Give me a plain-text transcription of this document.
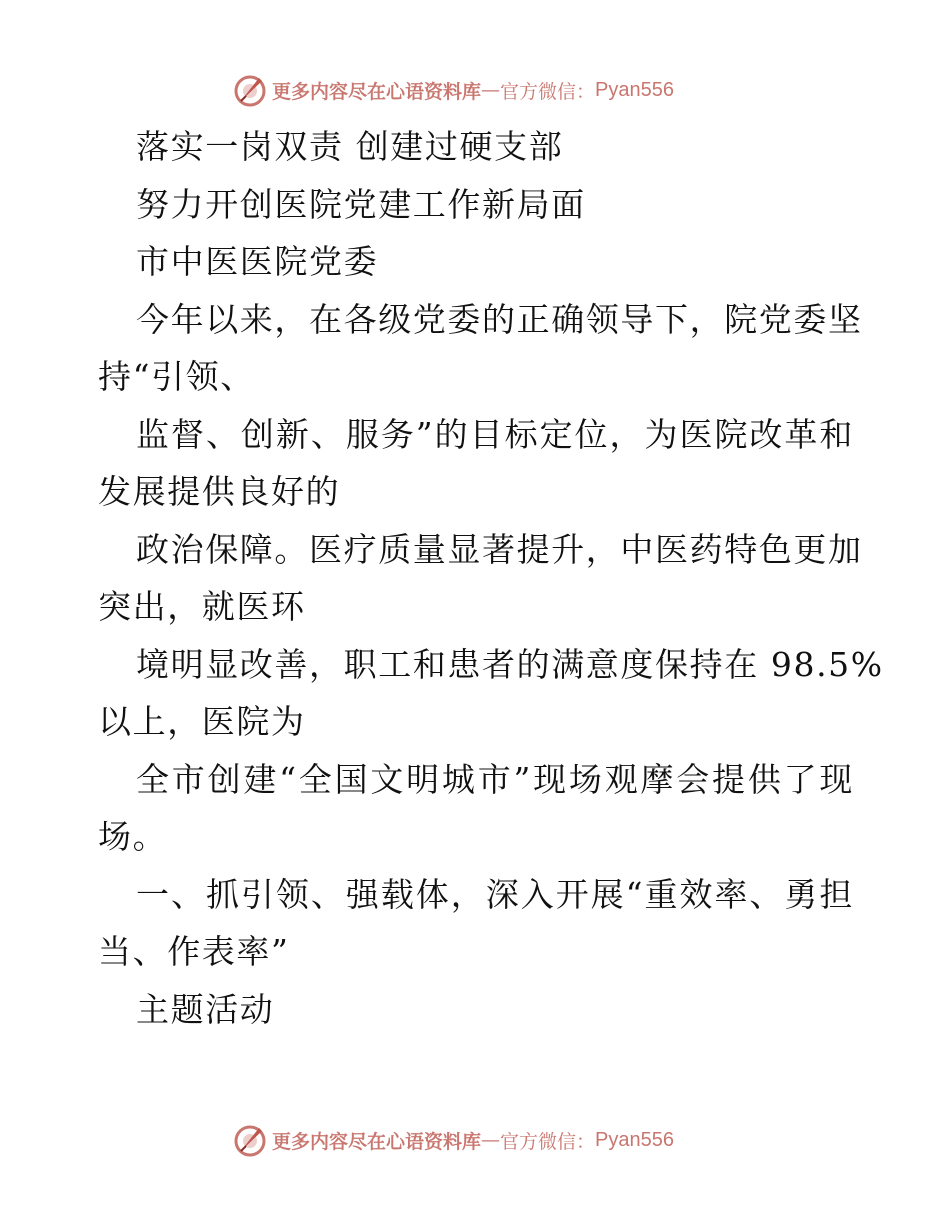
更多内容尽在心语资料库 — 官方微信： Pyan556
落实一岗双责 创建过硬支部
努力开创医院党建工作新局面
市中医医院党委
今年以来，在各级党委的正确领导下，院党委坚
持“引领、
监督、创新、服务”的目标定位，为医院改革和
发展提供良好的
政治保障。医疗质量显著提升，中医药特色更加
突出，就医环
境明显改善，职工和患者的满意度保持在 98.5%
以上，医院为
全市创建“全国文明城市”现场观摩会提供了现
场。
一、抓引领、强载体，深入开展“重效率、勇担
当、作表率”
主题活动
更多内容尽在心语资料库 — 官方微信： Pyan556
